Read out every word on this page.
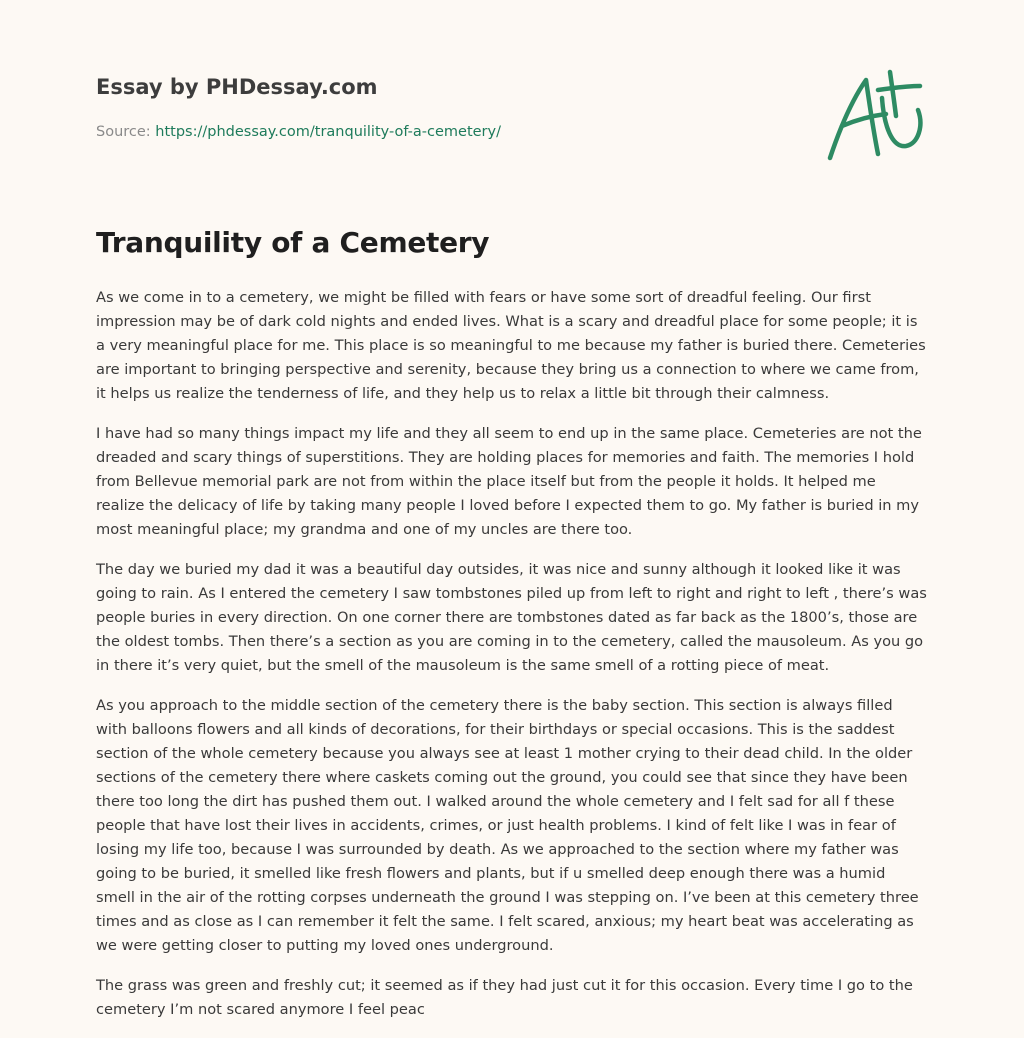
Essay by PHDessay.com

Source: https://phdessay.com/tranquility-of-a-cemetery/

Tranquility of a Cemetery

As we come in to a cemetery, we might be filled with fears or have some sort of dreadful feeling. Our first impression may be of dark cold nights and ended lives. What is a scary and dreadful place for some people; it is a very meaningful place for me. This place is so meaningful to me because my father is buried there. Cemeteries are important to bringing perspective and serenity, because they bring us a connection to where we came from, it helps us realize the tenderness of life, and they help us to relax a little bit through their calmness.

I have had so many things impact my life and they all seem to end up in the same place. Cemeteries are not the dreaded and scary things of superstitions. They are holding places for memories and faith. The memories I hold from Bellevue memorial park are not from within the place itself but from the people it holds. It helped me realize the delicacy of life by taking many people I loved before I expected them to go. My father is buried in my most meaningful place; my grandma and one of my uncles are there too.

The day we buried my dad it was a beautiful day outsides, it was nice and sunny although it looked like it was going to rain. As I entered the cemetery I saw tombstones piled up from left to right and right to left , there’s was people buries in every direction. On one corner there are tombstones dated as far back as the 1800’s, those are the oldest tombs. Then there’s a section as you are coming in to the cemetery, called the mausoleum. As you go in there it’s very quiet, but the smell of the mausoleum is the same smell of a rotting piece of meat.

As you approach to the middle section of the cemetery there is the baby section. This section is always filled with balloons flowers and all kinds of decorations, for their birthdays or special occasions. This is the saddest section of the whole cemetery because you always see at least 1 mother crying to their dead child. In the older sections of the cemetery there where caskets coming out the ground, you could see that since they have been there too long the dirt has pushed them out. I walked around the whole cemetery and I felt sad for all f these people that have lost their lives in accidents, crimes, or just health problems. I kind of felt like I was in fear of losing my life too, because I was surrounded by death. As we approached to the section where my father was going to be buried, it smelled like fresh flowers and plants, but if u smelled deep enough there was a humid smell in the air of the rotting corpses underneath the ground I was stepping on. I’ve been at this cemetery three times and as close as I can remember it felt the same. I felt scared, anxious; my heart beat was accelerating as we were getting closer to putting my loved ones underground.

The grass was green and freshly cut; it seemed as if they had just cut it for this occasion. Every time I go to the cemetery I’m not scared anymore I feel peac
